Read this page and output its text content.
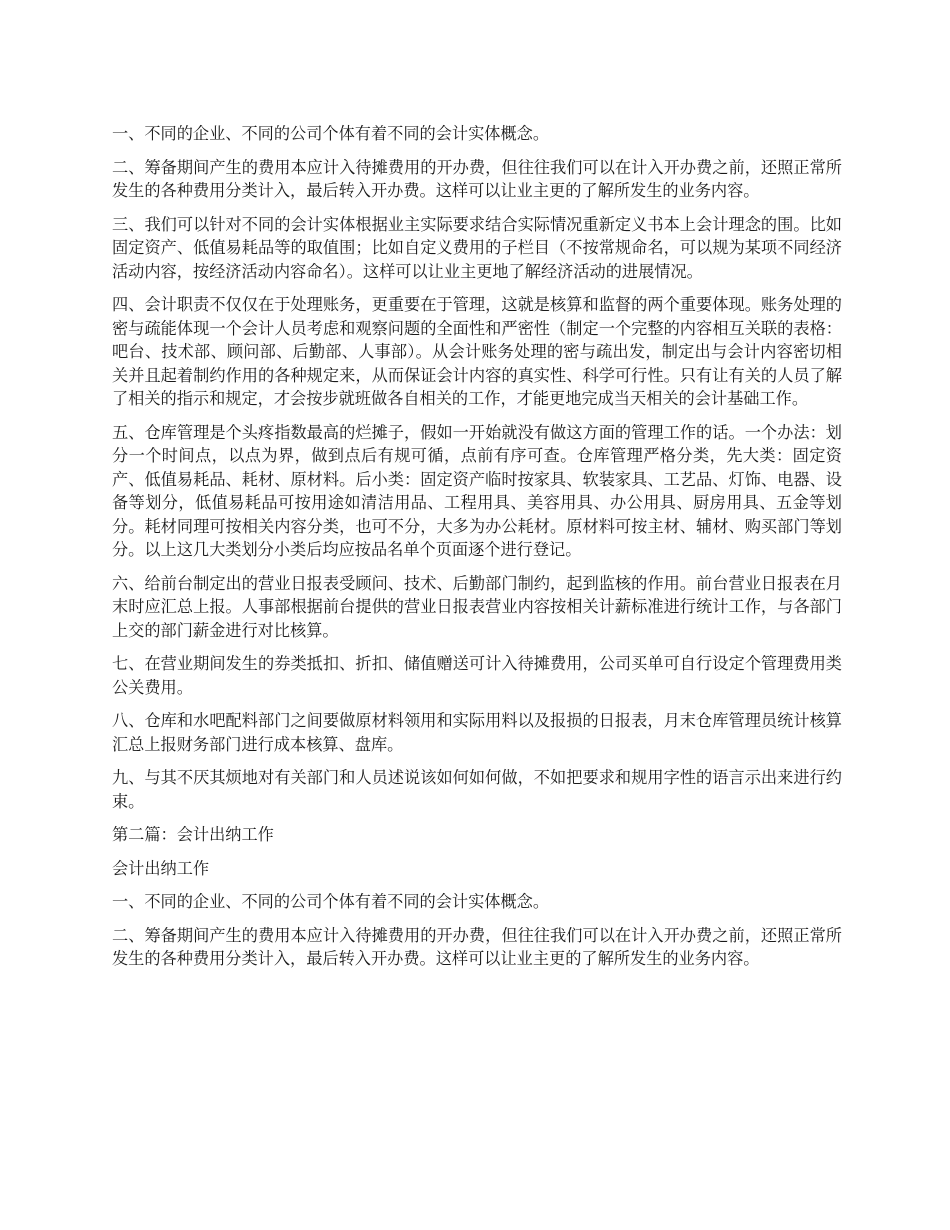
一、不同的企业、不同的公司个体有着不同的会计实体概念。

二、筹备期间产生的费用本应计入待摊费用的开办费，但往往我们可以在计入开办费之前，还照正常所发生的各种费用分类计入，最后转入开办费。这样可以让业主更的了解所发生的业务内容。

三、我们可以针对不同的会计实体根据业主实际要求结合实际情况重新定义书本上会计理念的围。比如固定资产、低值易耗品等的取值围；比如自定义费用的子栏目（不按常规命名，可以规为某项不同经济活动内容，按经济活动内容命名）。这样可以让业主更地了解经济活动的进展情况。

四、会计职责不仅仅在于处理账务，更重要在于管理，这就是核算和监督的两个重要体现。账务处理的密与疏能体现一个会计人员考虑和观察问题的全面性和严密性（制定一个完整的内容相互关联的表格：吧台、技术部、顾问部、后勤部、人事部）。从会计账务处理的密与疏出发，制定出与会计内容密切相关并且起着制约作用的各种规定来，从而保证会计内容的真实性、科学可行性。只有让有关的人员了解了相关的指示和规定，才会按步就班做各自相关的工作，才能更地完成当天相关的会计基础工作。

五、仓库管理是个头疼指数最高的烂摊子，假如一开始就没有做这方面的管理工作的话。一个办法：划分一个时间点，以点为界，做到点后有规可循，点前有序可查。仓库管理严格分类，先大类：固定资产、低值易耗品、耗材、原材料。后小类：固定资产临时按家具、软装家具、工艺品、灯饰、电器、设备等划分，低值易耗品可按用途如清洁用品、工程用具、美容用具、办公用具、厨房用具、五金等划分。耗材同理可按相关内容分类，也可不分，大多为办公耗材。原材料可按主材、辅材、购买部门等划分。以上这几大类划分小类后均应按品名单个页面逐个进行登记。

六、给前台制定出的营业日报表受顾问、技术、后勤部门制约，起到监核的作用。前台营业日报表在月末时应汇总上报。人事部根据前台提供的营业日报表营业内容按相关计薪标准进行统计工作，与各部门上交的部门薪金进行对比核算。

七、在营业期间发生的券类抵扣、折扣、储值赠送可计入待摊费用，公司买单可自行设定个管理费用类公关费用。

八、仓库和水吧配料部门之间要做原材料领用和实际用料以及报损的日报表，月末仓库管理员统计核算汇总上报财务部门进行成本核算、盘库。

九、与其不厌其烦地对有关部门和人员述说该如何如何做，不如把要求和规用字性的语言示出来进行约束。

第二篇：会计出纳工作

会计出纳工作

一、不同的企业、不同的公司个体有着不同的会计实体概念。

二、筹备期间产生的费用本应计入待摊费用的开办费，但往往我们可以在计入开办费之前，还照正常所发生的各种费用分类计入，最后转入开办费。这样可以让业主更的了解所发生的业务内容。
